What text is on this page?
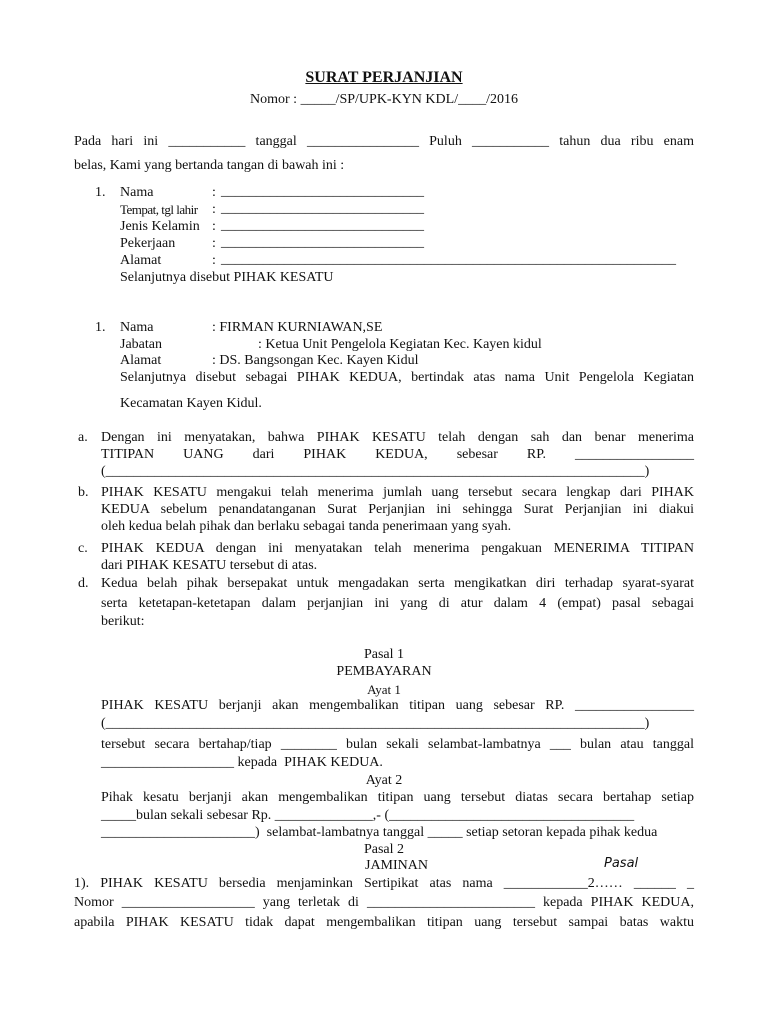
SURAT PERJANJIAN
Nomor : _____/SP/UPK-KYN KDL/____/2016
Pada hari ini ___________ tanggal ________________ Puluh ___________ tahun dua ribu enam
belas, Kami yang bertanda tangan di bawah ini :
1. Nama	: _____________________________
Tempat, tgl lahir : _____________________________
Jenis Kelamin : _____________________________
Pekerjaan	: _____________________________
Alamat	: _________________________________________________________________
Selanjutnya disebut PIHAK KESATU
1. Nama	: FIRMAN KURNIAWAN,SE
Jabatan	: Ketua Unit Pengelola Kegiatan Kec. Kayen kidul
Alamat	: DS. Bangsongan Kec. Kayen Kidul
Selanjutnya disebut sebagai PIHAK KEDUA, bertindak atas nama Unit Pengelola Kegiatan
Kecamatan Kayen Kidul.
a. Dengan ini menyatakan, bahwa PIHAK KESATU telah dengan sah dan benar menerima
TITIPAN UANG dari PIHAK KEDUA, sebesar RP. _________________
(_____________________________________________________________________________)
b. PIHAK KESATU mengakui telah menerima jumlah uang tersebut secara lengkap dari PIHAK
KEDUA sebelum penandatanganan Surat Perjanjian ini sehingga Surat Perjanjian ini diakui
oleh kedua belah pihak dan berlaku sebagai tanda penerimaan yang syah.
c. PIHAK KEDUA dengan ini menyatakan telah menerima pengakuan MENERIMA TITIPAN
dari PIHAK KESATU tersebut di atas.
d. Kedua belah pihak bersepakat untuk mengadakan serta mengikatkan diri terhadap syarat-syarat
serta ketetapan-ketetapan dalam perjanjian ini yang di atur dalam 4 (empat) pasal sebagai
berikut:
Pasal 1
PEMBAYARAN
Ayat 1
PIHAK KESATU berjanji akan mengembalikan titipan uang sebesar RP. _________________
(_____________________________________________________________________________)
tersebut secara bertahap/tiap ________ bulan sekali selambat-lambatnya ___ bulan atau tanggal
___________________ kepada  PIHAK KEDUA.
Ayat 2
Pihak kesatu berjanji akan mengembalikan titipan uang tersebut diatas secara bertahap setiap
_____bulan sekali sebesar Rp. ______________,- (___________________________________
______________________)  selambat-lambatnya tanggal _____ setiap setoran kepada pihak kedua
Pasal 2
JAMINAN	Pasal
1). PIHAK KESATU bersedia menjaminkan Sertipikat atas nama ____________2…… ______ _
Nomor ___________________ yang terletak di ________________________ kepada PIHAK KEDUA,
apabila PIHAK KESATU tidak dapat mengembalikan titipan uang tersebut sampai batas waktu
